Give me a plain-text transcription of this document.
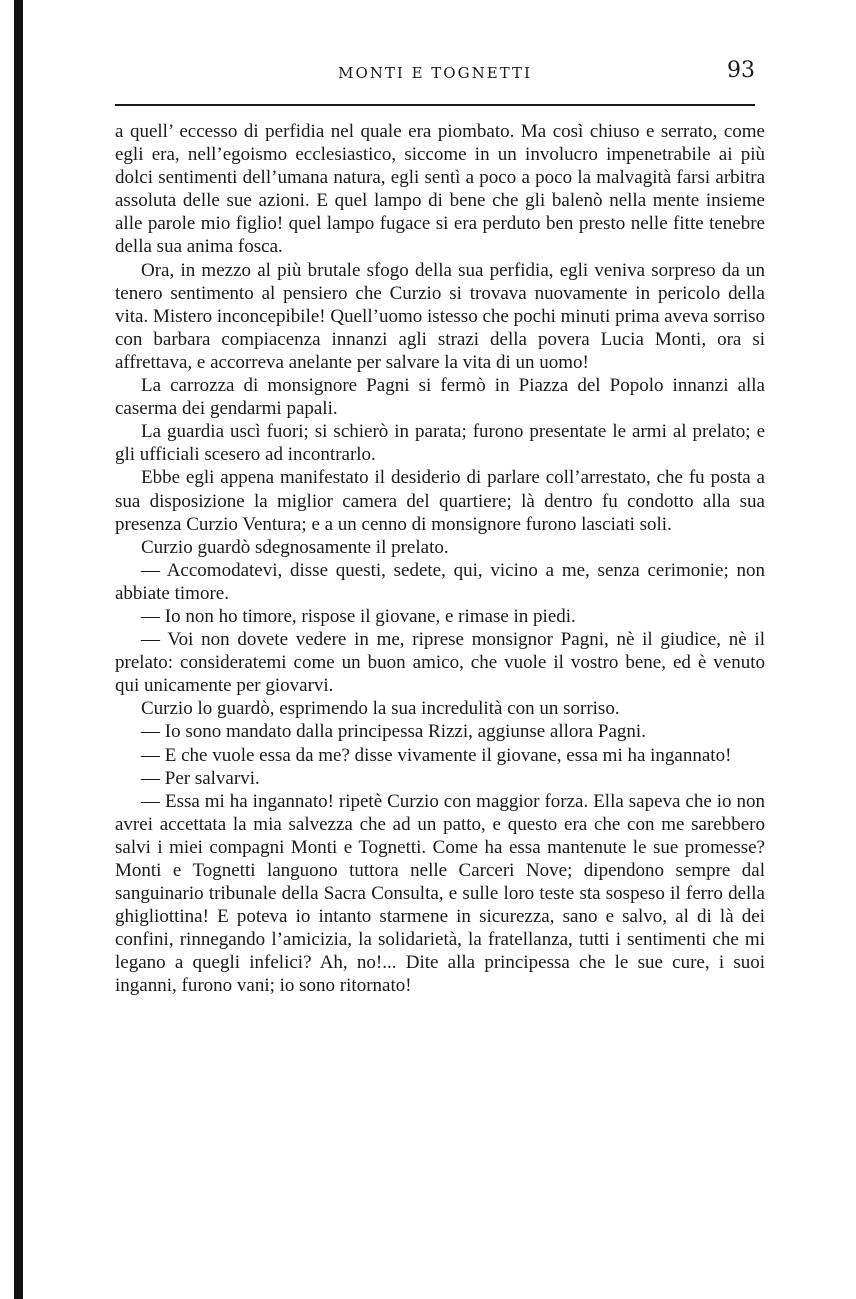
MONTI E TOGNETTI	93

a quell’ eccesso di perfidia nel quale era piombato. Ma così chiuso e serrato, come egli era, nell’egoismo ecclesiastico, siccome in un involucro impenetrabile ai più dolci sentimenti dell’umana natura, egli sentì a poco a poco la malvagità farsi arbitra assoluta delle sue azioni. E quel lampo di bene che gli balenò nella mente insieme alle parole mio figlio! quel lampo fugace si era perduto ben presto nelle fitte tenebre della sua anima fosca.

Ora, in mezzo al più brutale sfogo della sua perfidia, egli veniva sorpreso da un tenero sentimento al pensiero che Curzio si trovava nuovamente in pericolo della vita. Mistero inconcepibile! Quell’uomo istesso che pochi minuti prima aveva sorriso con barbara compiacenza innanzi agli strazi della povera Lucia Monti, ora si affrettava, e accorreva anelante per salvare la vita di un uomo!

La carrozza di monsignore Pagni si fermò in Piazza del Popolo innanzi alla caserma dei gendarmi papali.

La guardia uscì fuori; si schierò in parata; furono presentate le armi al prelato; e gli ufficiali scesero ad incontrarlo.

Ebbe egli appena manifestato il desiderio di parlare coll’arrestato, che fu posta a sua disposizione la miglior camera del quartiere; là dentro fu condotto alla sua presenza Curzio Ventura; e a un cenno di monsignore furono lasciati soli.

Curzio guardò sdegnosamente il prelato.

— Accomodatevi, disse questi, sedete, qui, vicino a me, senza cerimonie; non abbiate timore.

— Io non ho timore, rispose il giovane, e rimase in piedi.

— Voi non dovete vedere in me, riprese monsignor Pagni, nè il giudice, nè il prelato: consideratemi come un buon amico, che vuole il vostro bene, ed è venuto qui unicamente per giovarvi.

Curzio lo guardò, esprimendo la sua incredulità con un sorriso.

— Io sono mandato dalla principessa Rizzi, aggiunse allora Pagni.

— E che vuole essa da me? disse vivamente il giovane, essa mi ha ingannato!

— Per salvarvi.

— Essa mi ha ingannato! ripetè Curzio con maggior forza. Ella sapeva che io non avrei accettata la mia salvezza che ad un patto, e questo era che con me sarebbero salvi i miei compagni Monti e Tognetti. Come ha essa mantenute le sue promesse? Monti e Tognetti languono tuttora nelle Carceri Nove; dipendono sempre dal sanguinario tribunale della Sacra Consulta, e sulle loro teste sta sospeso il ferro della ghigliottina! E poteva io intanto starmene in sicurezza, sano e salvo, al di là dei confini, rinnegando l’amicizia, la solidarietà, la fratellanza, tutti i sentimenti che mi legano a quegli infelici? Ah, no!... Dite alla principessa che le sue cure, i suoi inganni, furono vani; io sono ritornato!
